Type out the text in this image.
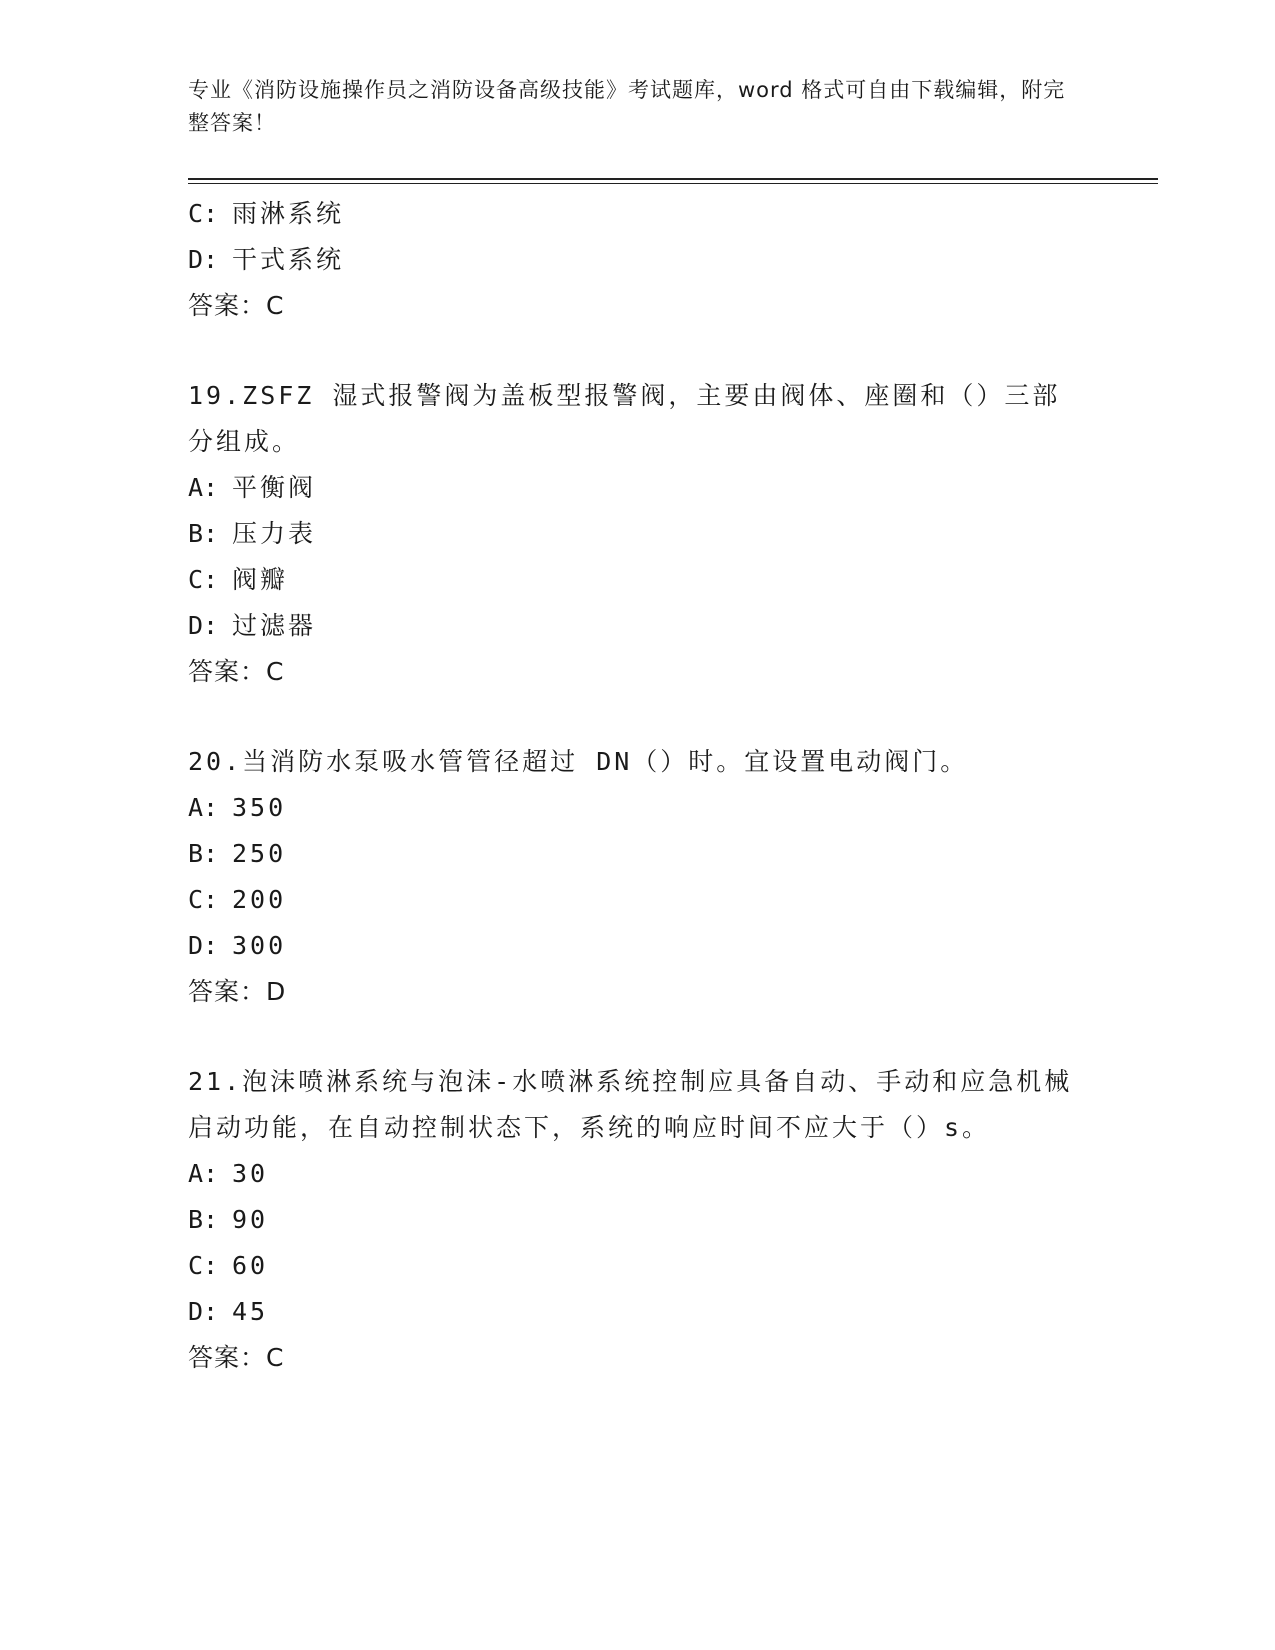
专业《消防设施操作员之消防设备高级技能》考试题库，word 格式可自由下载编辑，附完整答案！
C: 雨淋系统
D: 干式系统
答案：C
19.ZSFZ 湿式报警阀为盖板型报警阀，主要由阀体、座圈和（）三部分组成。
A: 平衡阀
B: 压力表
C: 阀瓣
D: 过滤器
答案：C
20.当消防水泵吸水管管径超过 DN（）时。宜设置电动阀门。
A: 350
B: 250
C: 200
D: 300
答案：D
21.泡沫喷淋系统与泡沫-水喷淋系统控制应具备自动、手动和应急机械启动功能，在自动控制状态下，系统的响应时间不应大于（）s。
A: 30
B: 90
C: 60
D: 45
答案：C
